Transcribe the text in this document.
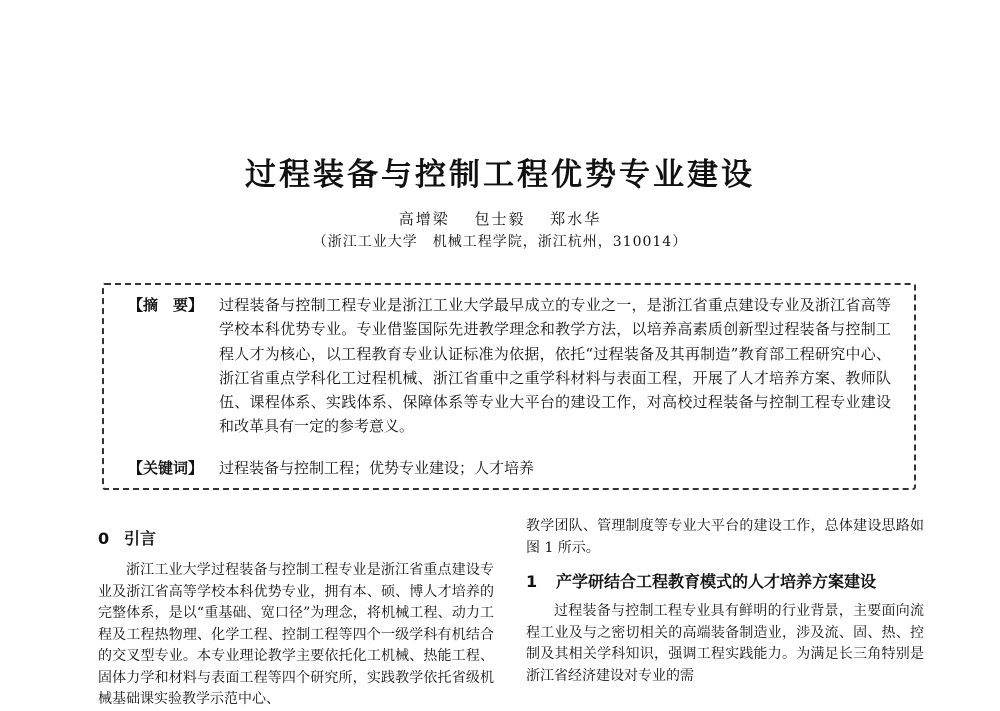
过程装备与控制工程优势专业建设
高增梁 包士毅 郑水华
（浙江工业大学　机械工程学院，浙江杭州，310014）
【摘　要】 过程装备与控制工程专业是浙江工业大学最早成立的专业之一，是浙江省重点建设专业及浙江省高等学校本科优势专业。专业借鉴国际先进教学理念和教学方法，以培养高素质创新型过程装备与控制工程人才为核心，以工程教育专业认证标准为依据，依托“过程装备及其再制造”教育部工程研究中心、浙江省重点学科化工过程机械、浙江省重中之重学科材料与表面工程，开展了人才培养方案、教师队伍、课程体系、实践体系、保障体系等专业大平台的建设工作，对高校过程装备与控制工程专业建设和改革具有一定的参考意义。
【关键词】 过程装备与控制工程；优势专业建设；人才培养
0 引言

浙江工业大学过程装备与控制工程专业是浙江省重点建设专业及浙江省高等学校本科优势专业，拥有本、硕、博人才培养的完整体系，是以“重基础、宽口径”为理念，将机械工程、动力工程及工程热物理、化学工程、控制工程等四个一级学科有机结合的交叉型专业。本专业理论教学主要依托化工机械、热能工程、固体力学和材料与表面工程等四个研究所，实践教学依托省级机械基础课实验教学示范中心、

教学团队、管理制度等专业大平台的建设工作，总体建设思路如图 1 所示。

1 产学研结合工程教育模式的人才培养方案建设

过程装备与控制工程专业具有鲜明的行业背景，主要面向流程工业及与之密切相关的高端装备制造业，涉及流、固、热、控制及其相关学科知识，强调工程实践能力。为满足长三角特别是浙江省经济建设对专业的需
